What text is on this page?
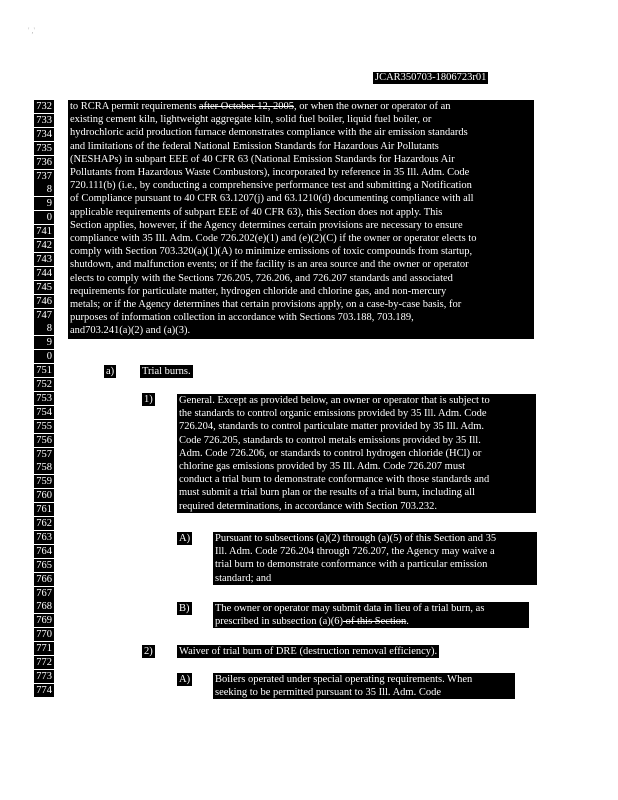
' ,'
JCAR350703-1806723r01
732
733
734
735
736
737
8
9
0
741
742
743
744
745
746
747
8
9
0
751
752
753
754
755
756
757
758
759
760
761
762
763
764
765
766
767
768
769
770
771
772
773
774
to RCRA permit requirements after October 12, 2005, or when the owner or operator of an
existing cement kiln, lightweight aggregate kiln, solid fuel boiler, liquid fuel boiler, or
hydrochloric acid production furnace demonstrates compliance with the air emission standards
and limitations of the federal National Emission Standards for Hazardous Air Pollutants
(NESHAPs) in subpart EEE of 40 CFR 63 (National Emission Standards for Hazardous Air
Pollutants from Hazardous Waste Combustors), incorporated by reference in 35 Ill. Adm. Code
720.111(b) (i.e., by conducting a comprehensive performance test and submitting a Notification
of Compliance pursuant to 40 CFR 63.1207(j) and 63.1210(d) documenting compliance with all
applicable requirements of subpart EEE of 40 CFR 63), this Section does not apply. This
Section applies, however, if the Agency determines certain provisions are necessary to ensure
compliance with 35 Ill. Adm. Code 726.202(e)(1) and (e)(2)(C) if the owner or operator elects to
comply with Section 703.320(a)(1)(A) to minimize emissions of toxic compounds from startup,
shutdown, and malfunction events; or if the facility is an area source and the owner or operator
elects to comply with the Sections 726.205, 726.206, and 726.207 standards and associated
requirements for particulate matter, hydrogen chloride and chlorine gas, and non-mercury
metals; or if the Agency determines that certain provisions apply, on a case-by-case basis, for
purposes of information collection in accordance with Sections 703.188, 703.189,
and703.241(a)(2) and (a)(3).
a)	Trial burns.
1)	General. Except as provided below, an owner or operator that is subject to
the standards to control organic emissions provided by 35 Ill. Adm. Code
726.204, standards to control particulate matter provided by 35 Ill. Adm.
Code 726.205, standards to control metals emissions provided by 35 Ill.
Adm. Code 726.206, or standards to control hydrogen chloride (HCl) or
chlorine gas emissions provided by 35 Ill. Adm. Code 726.207 must
conduct a trial burn to demonstrate conformance with those standards and
must submit a trial burn plan or the results of a trial burn, including all
required determinations, in accordance with Section 703.232.
A) Pursuant to subsections (a)(2) through (a)(5) of this Section and 35
Ill. Adm. Code 726.204 through 726.207, the Agency may waive a
trial burn to demonstrate conformance with a particular emission
standard; and
B) The owner or operator may submit data in lieu of a trial burn, as
prescribed in subsection (a)(6) of this Section.
2)	Waiver of trial burn of DRE (destruction removal efficiency).
A) Boilers operated under special operating requirements. When
seeking to be permitted pursuant to 35 Ill. Adm. Code
